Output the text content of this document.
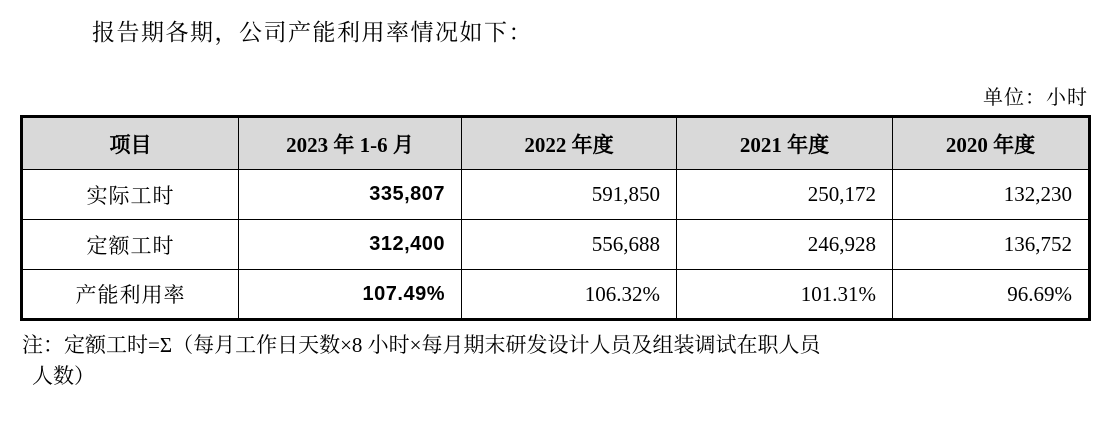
报告期各期，公司产能利用率情况如下：

单位：小时
项目	2023 年 1-6 月	2022 年度	2021 年度	2020 年度
实际工时	335,807	591,850	250,172	132,230
定额工时	312,400	556,688	246,928	136,752
产能利用率	107.49%	106.32%	101.31%	96.69%
注：定额工时=Σ（每月工作日天数×8 小时×每月期末研发设计人员及组装调试在职人员
人数）
